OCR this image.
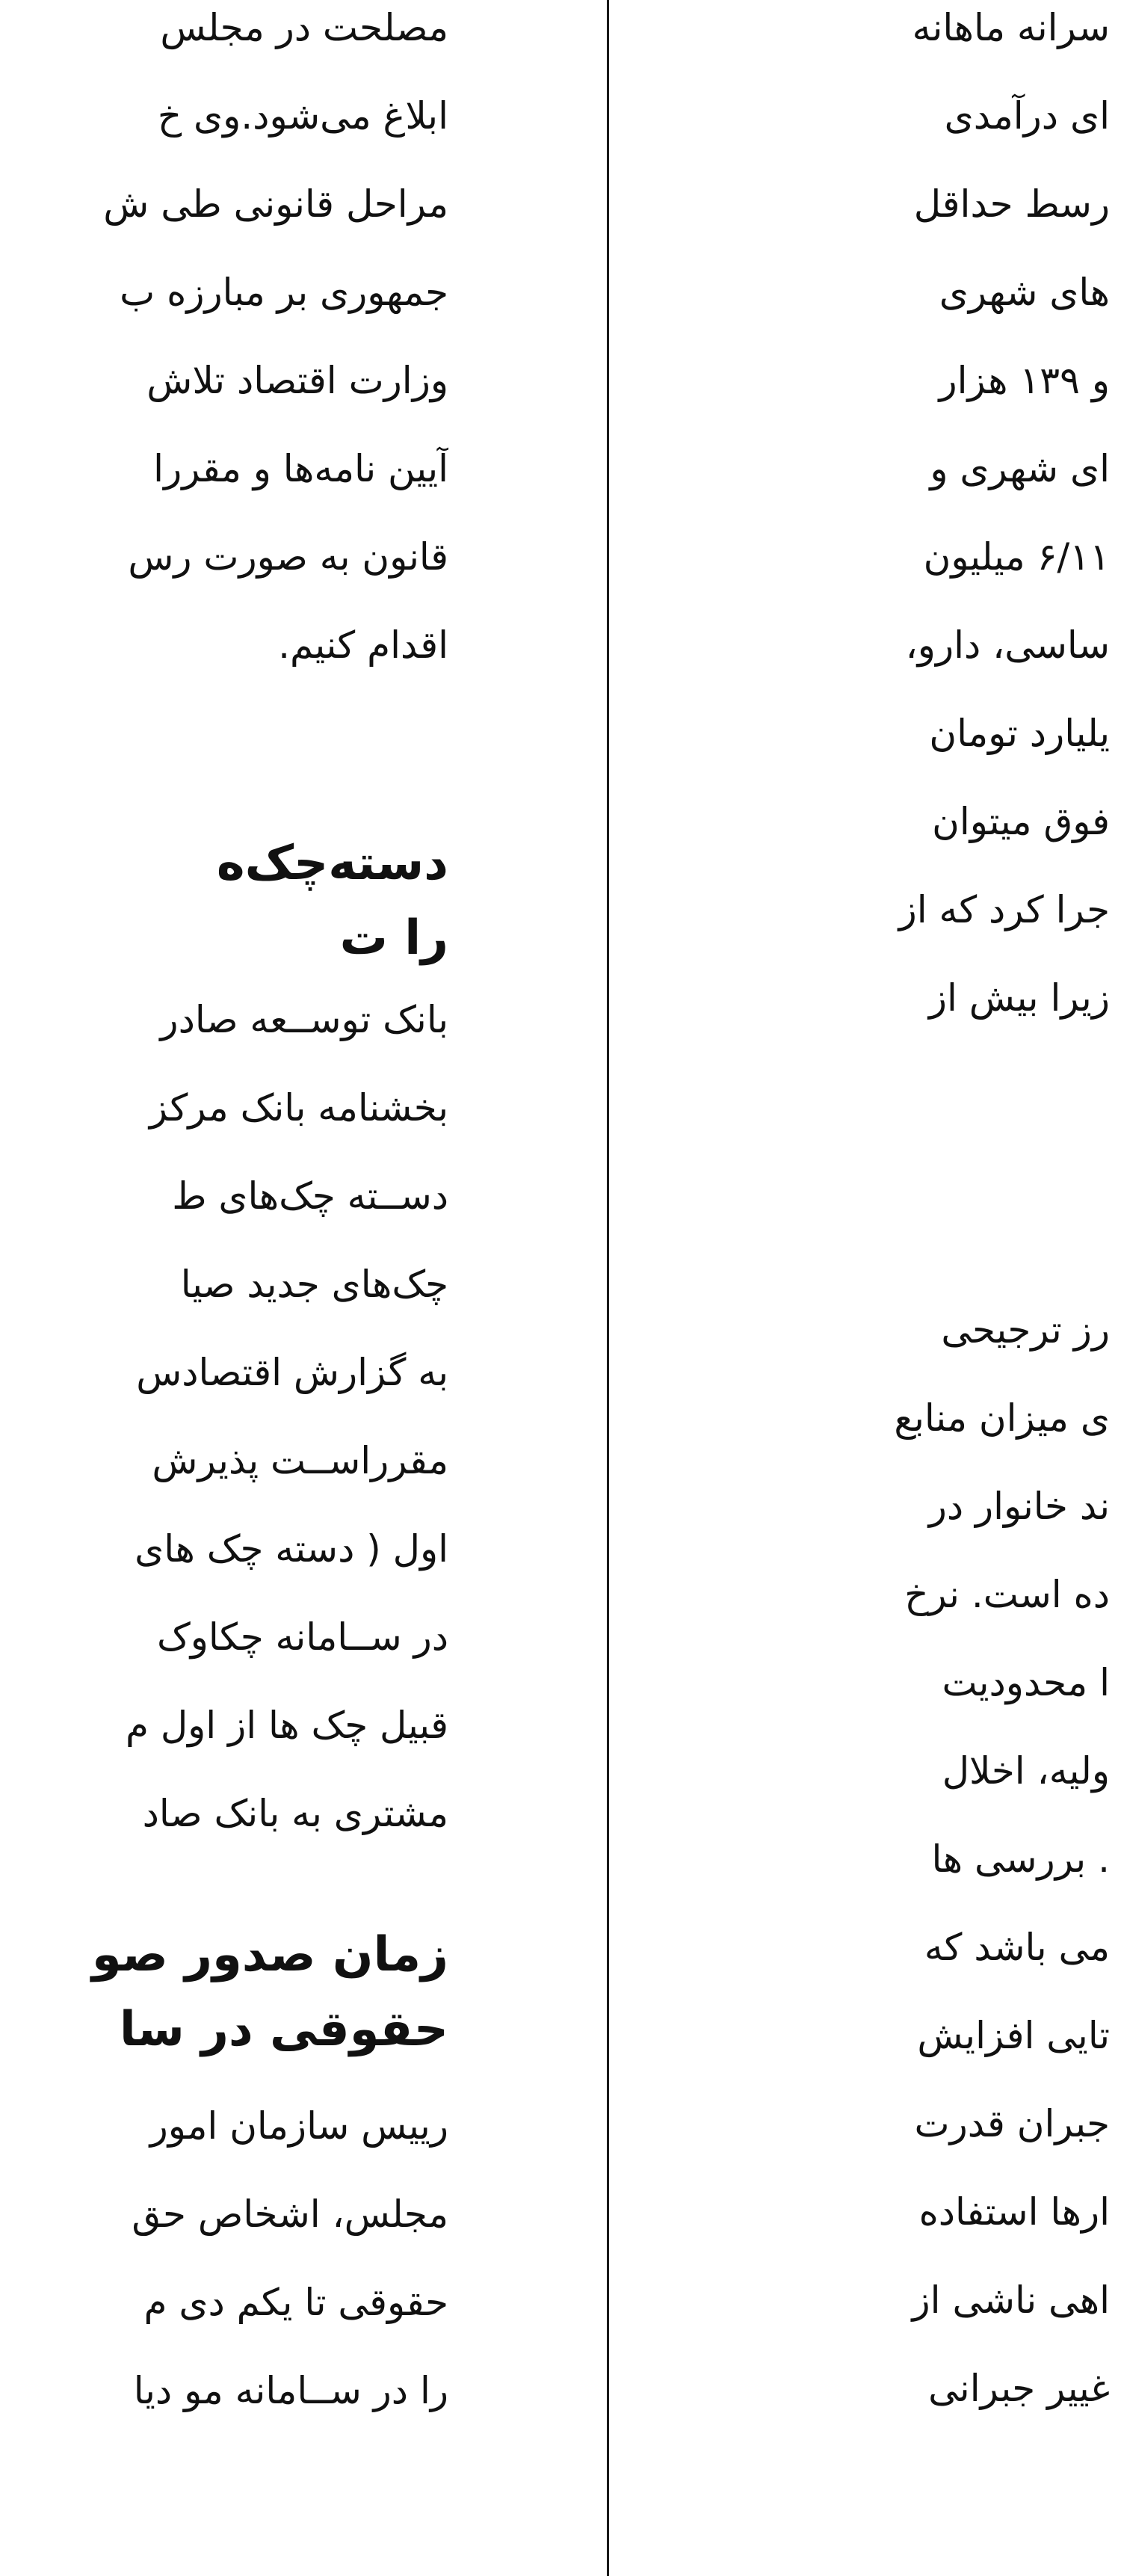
مصلحت در مجلس
ابلاغ می‌شود.وی خ
مراحل قانونی طی ش
جمهوری بر مبارزه ب
وزارت اقتصاد تلاش
آیین نامه‌ها و مقررا
قانون به صورت رس
اقدام کنیم.
دسته‌چک‌ه
را ت
بانک توســعه صادر
بخشنامه بانک مرکز
دســته چک‌های ط
چک‌های جدید صیا
به گزارش اقتصادس
مقرراســت پذیرش
اول ( دسته چک های
در ســامانه چکاوک
قبیل چک ها از اول م
مشتری به بانک صاد
زمان صدور صو
حقوقی در سا
رییس سازمان امور
مجلس، اشخاص حق
حقوقی تا یکم دی م
را در ســامانه مو دیا
سرانه ماهانه
ای درآمدی
رسط حداقل
های شهری
و ۱۳۹ هزار
ای شهری و
۶/۱۱ میلیون
ساسی، دارو،
یلیارد تومان
فوق میتوان
جرا کرد که از
زیرا بیش از
رز ترجیحی
ی میزان منابع
ند خانوار در
ده است. نرخ
ا محدودیت
ولیه، اخلال
. بررسی ها
می باشد که
تایی افزایش
جبران قدرت
ارها استفاده
اهی ناشی از
غییر جبرانی
